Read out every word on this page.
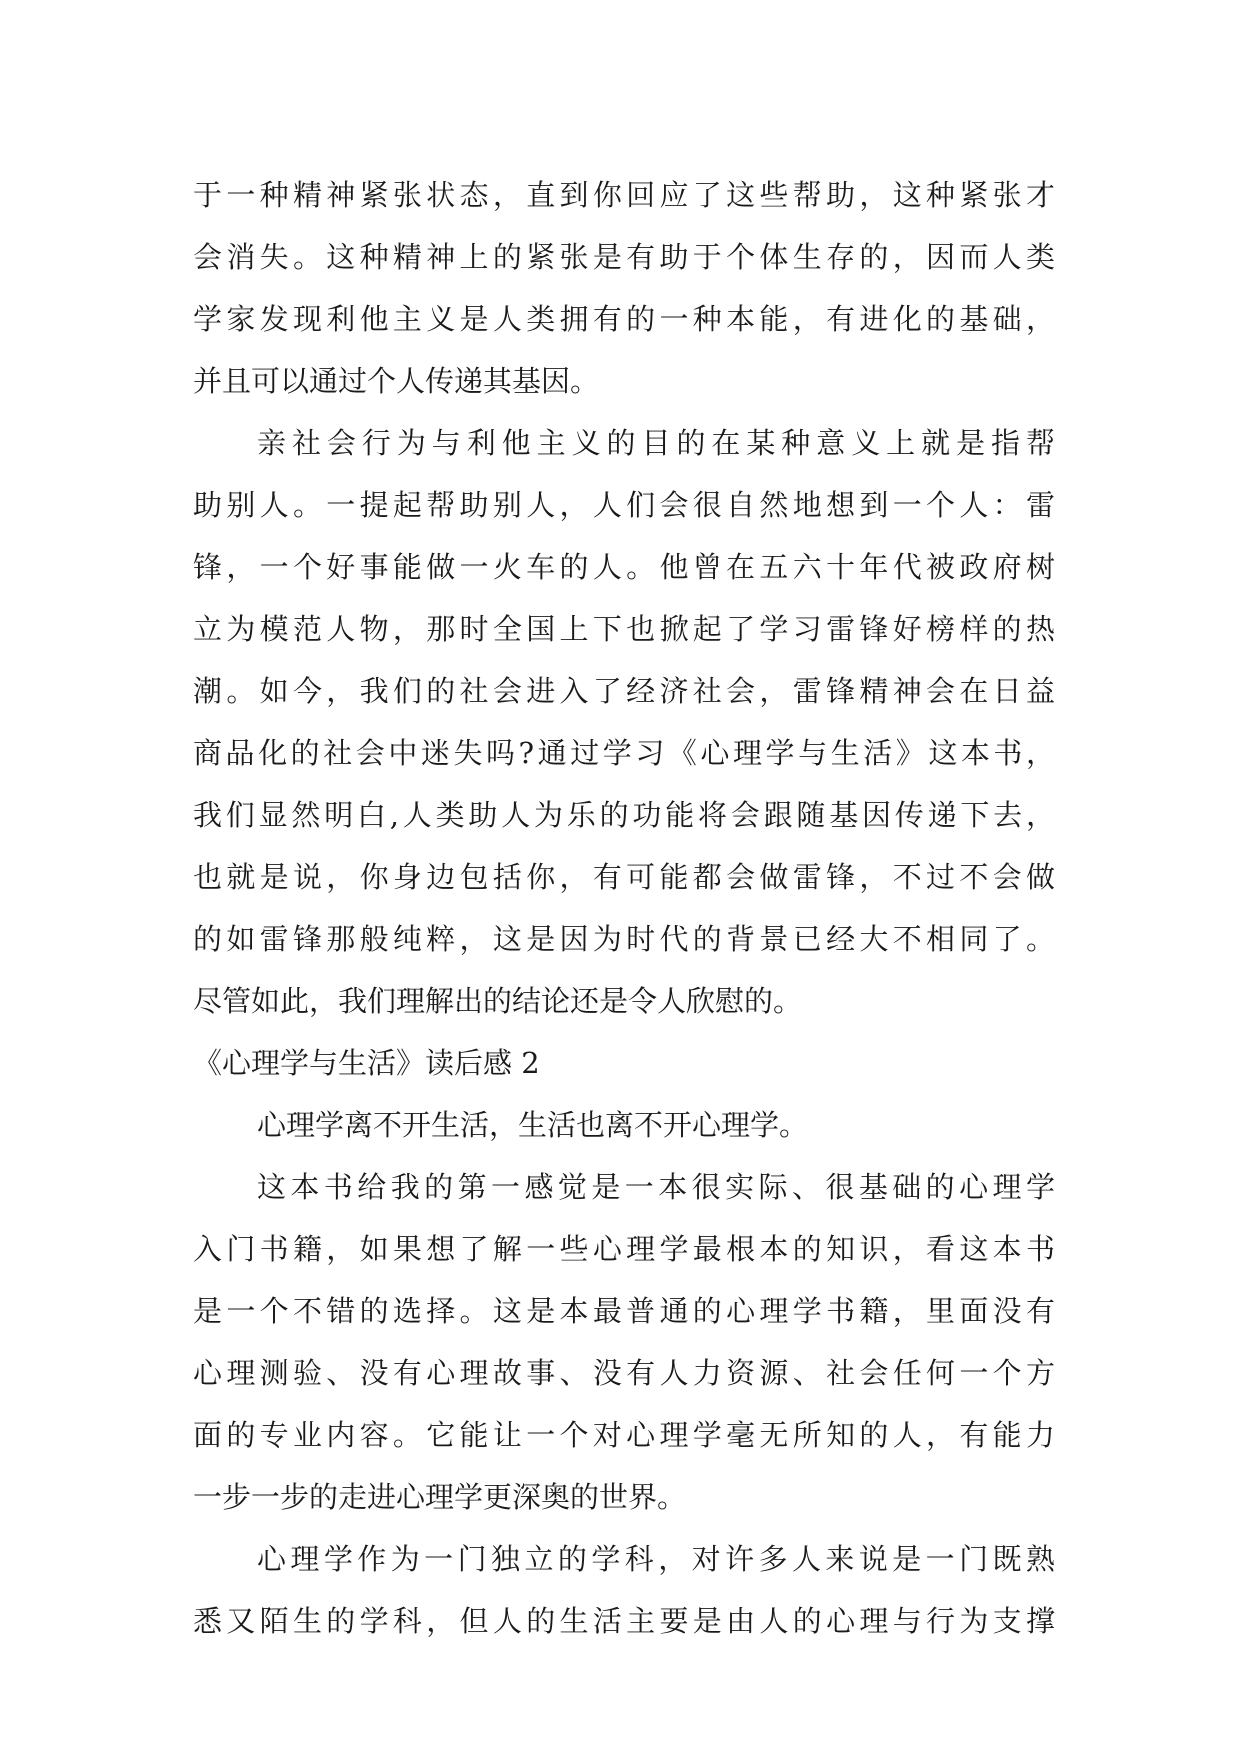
于一种精神紧张状态，直到你回应了这些帮助，这种紧张才
会消失。这种精神上的紧张是有助于个体生存的，因而人类
学家发现利他主义是人类拥有的一种本能，有进化的基础，
并且可以通过个人传递其基因。
亲社会行为与利他主义的目的在某种意义上就是指帮
助别人。一提起帮助别人，人们会很自然地想到一个人：雷
锋，一个好事能做一火车的人。他曾在五六十年代被政府树
立为模范人物，那时全国上下也掀起了学习雷锋好榜样的热
潮。如今，我们的社会进入了经济社会，雷锋精神会在日益
商品化的社会中迷失吗?通过学习《心理学与生活》这本书，
我们显然明白,人类助人为乐的功能将会跟随基因传递下去，
也就是说，你身边包括你，有可能都会做雷锋，不过不会做
的如雷锋那般纯粹，这是因为时代的背景已经大不相同了。
尽管如此，我们理解出的结论还是令人欣慰的。
《心理学与生活》读后感 2
心理学离不开生活，生活也离不开心理学。
这本书给我的第一感觉是一本很实际、很基础的心理学
入门书籍，如果想了解一些心理学最根本的知识，看这本书
是一个不错的选择。这是本最普通的心理学书籍，里面没有
心理测验、没有心理故事、没有人力资源、社会任何一个方
面的专业内容。它能让一个对心理学毫无所知的人，有能力
一步一步的走进心理学更深奥的世界。
心理学作为一门独立的学科，对许多人来说是一门既熟
悉又陌生的学科，但人的生活主要是由人的心理与行为支撑
